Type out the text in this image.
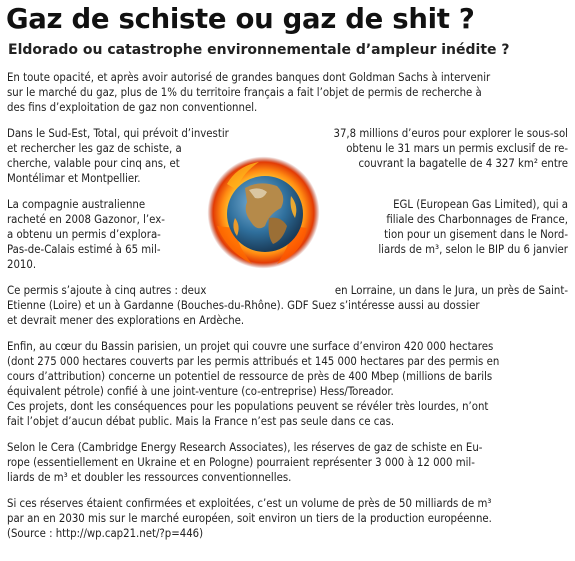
Gaz de schiste ou gaz de shit ?
Eldorado ou catastrophe environnementale d’ampleur inédite ?
En toute opacité, et après avoir autorisé de grandes banques dont Goldman Sachs à intervenir
sur le marché du gaz, plus de 1% du territoire français a fait l’objet de permis de recherche à
des fins d’exploitation de gaz non conventionnel.
Dans le Sud-Est, Total, qui prévoit d’investir	37,8 millions d’euros pour explorer le sous-sol
et rechercher les gaz de schiste, a	obtenu le 31 mars un permis exclusif de re-
cherche, valable pour cinq ans, et	couvrant la bagatelle de 4 327 km² entre
Montélimar et Montpellier.
La compagnie australienne	EGL (European Gas Limited), qui a
racheté en 2008 Gazonor, l’ex-	filiale des Charbonnages de France,
a obtenu un permis d’explora-	tion pour un gisement dans le Nord-
Pas-de-Calais estimé à 65 mil-	liards de m³, selon le BIP du 6 janvier
2010.
Ce permis s’ajoute à cinq autres : deux	en Lorraine, un dans le Jura, un près de Saint-
Etienne (Loire) et un à Gardanne (Bouches-du-Rhône). GDF Suez s’intéresse aussi au dossier
et devrait mener des explorations en Ardèche.
Enfin, au cœur du Bassin parisien, un projet qui couvre une surface d’environ 420 000 hectares
(dont 275 000 hectares couverts par les permis attribués et 145 000 hectares par des permis en
cours d’attribution) concerne un potentiel de ressource de près de 400 Mbep (millions de barils
équivalent pétrole) confié à une joint-venture (co-entreprise) Hess/Toreador.
Ces projets, dont les conséquences pour les populations peuvent se révéler très lourdes, n’ont
fait l’objet d’aucun débat public. Mais la France n’est pas seule dans ce cas.
Selon le Cera (Cambridge Energy Research Associates), les réserves de gaz de schiste en Eu-
rope (essentiellement en Ukraine et en Pologne) pourraient représenter 3 000 à 12 000 mil-
liards de m³ et doubler les ressources conventionnelles.
Si ces réserves étaient confirmées et exploitées, c’est un volume de près de 50 milliards de m³
par an en 2030 mis sur le marché européen, soit environ un tiers de la production européenne.
(Source : http://wp.cap21.net/?p=446)
